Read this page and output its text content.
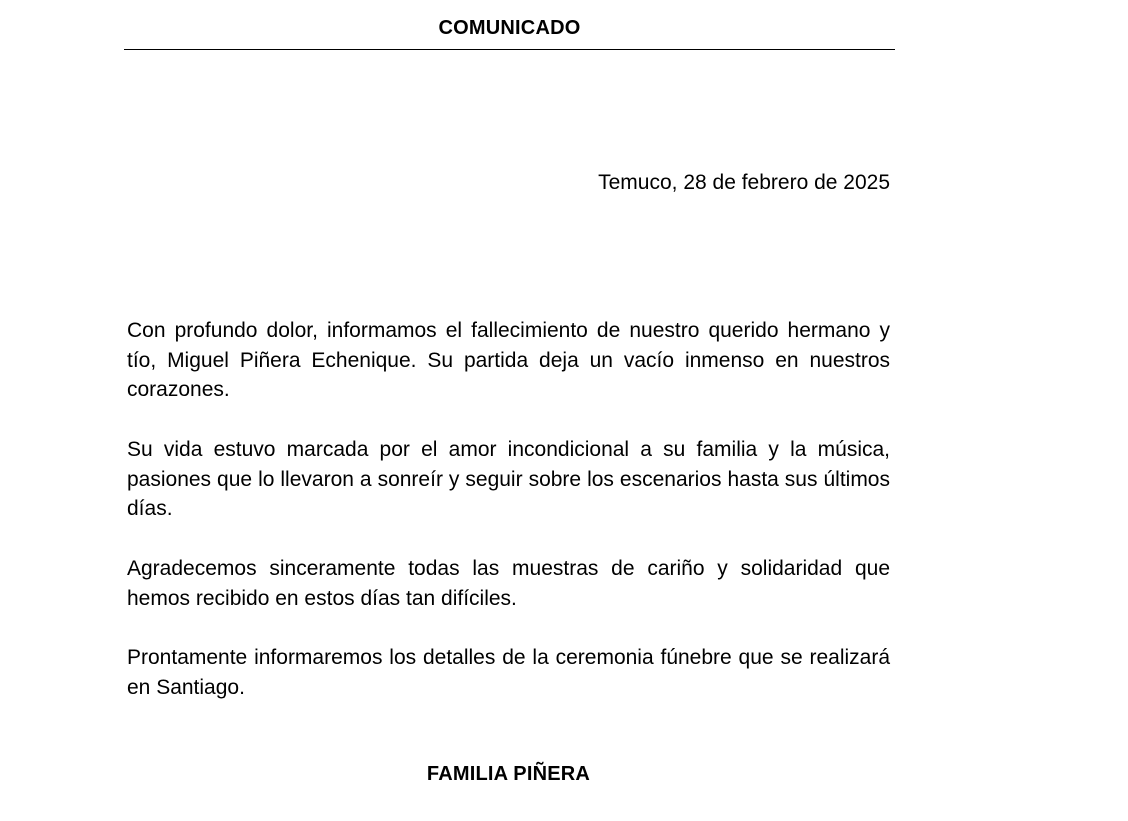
COMUNICADO
Temuco, 28 de febrero de 2025

Con profundo dolor, informamos el fallecimiento de nuestro querido hermano y tío, Miguel Piñera Echenique. Su partida deja un vacío inmenso en nuestros corazones.

Su vida estuvo marcada por el amor incondicional a su familia y la música, pasiones que lo llevaron a sonreír y seguir sobre los escenarios hasta sus últimos días.

Agradecemos sinceramente todas las muestras de cariño y solidaridad que hemos recibido en estos días tan difíciles.

Prontamente informaremos los detalles de la ceremonia fúnebre que se realizará en Santiago.

FAMILIA PIÑERA
